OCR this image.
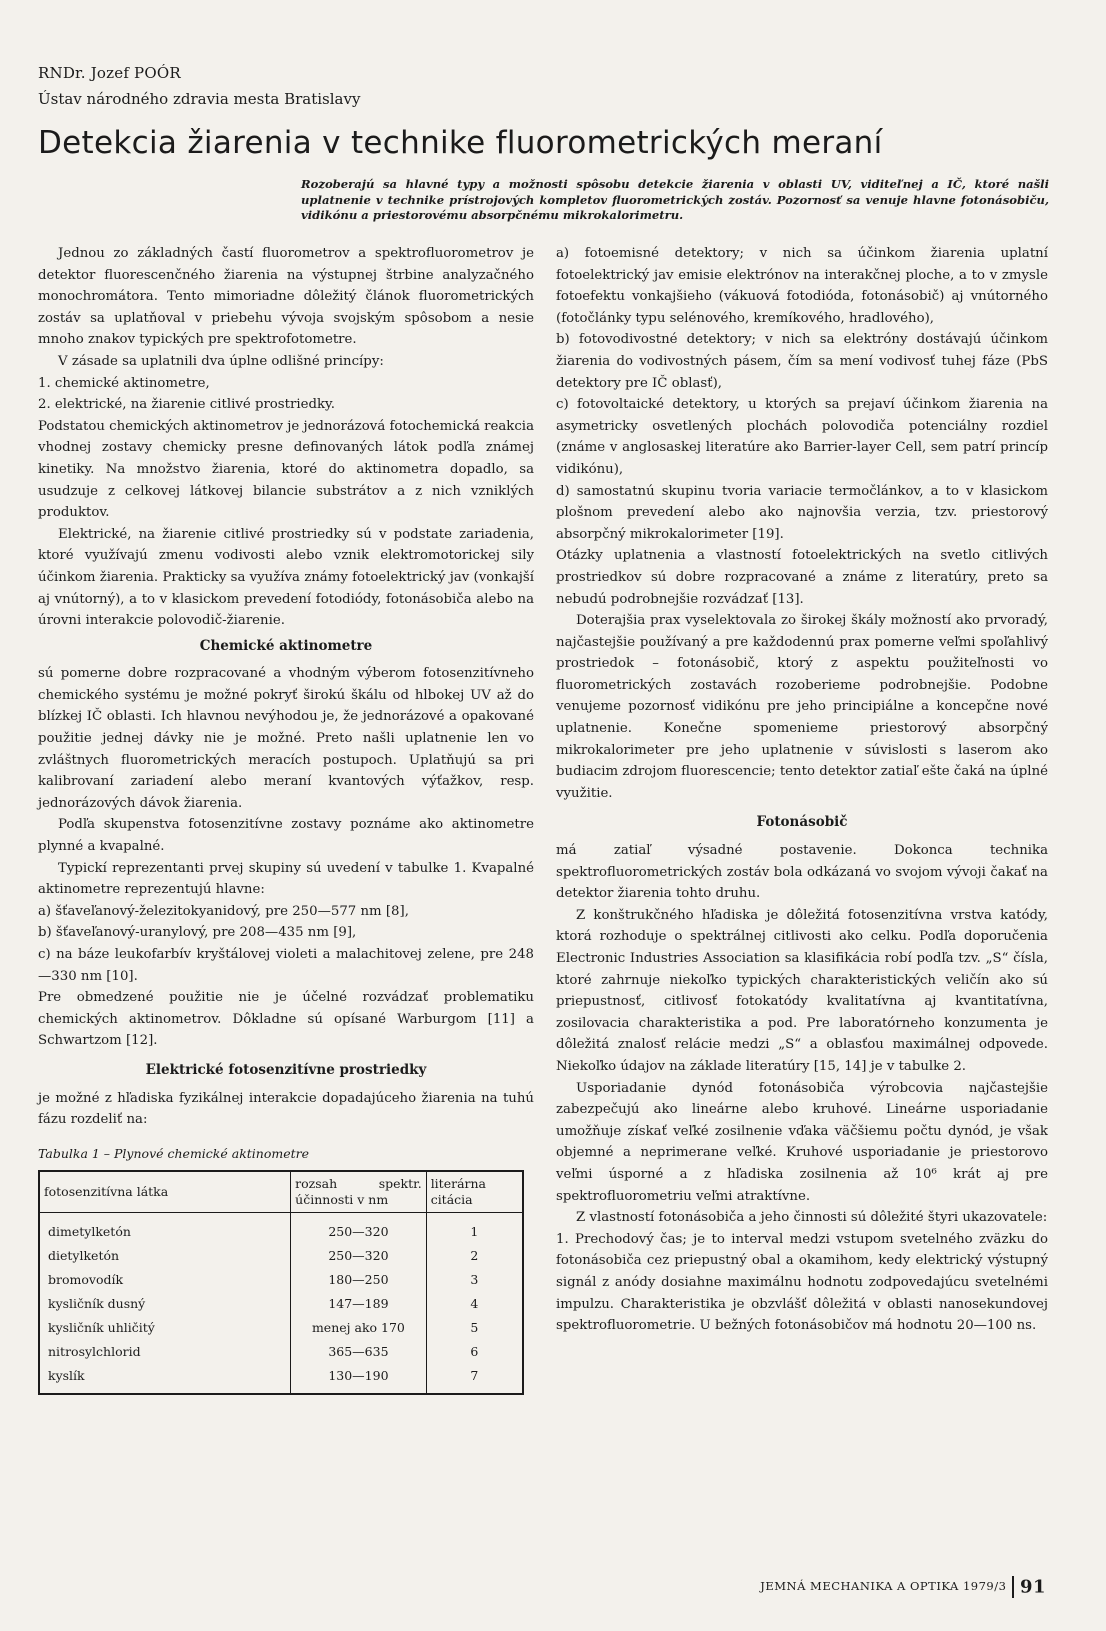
RNDr. Jozef POÓR
Ústav národného zdravia mesta Bratislavy
Detekcia žiarenia v technike fluorometrických meraní
Rozoberajú sa hlavné typy a možnosti spôsobu detekcie žiarenia v oblasti UV, viditeľnej a IČ, ktoré našli uplatnenie v technike prístrojových kompletov fluorometrických zostáv. Pozornosť sa venuje hlavne fotonásobiču, vidikónu a priestorovému absorpčnému mikrokalorimetru.

Jednou zo základných častí fluorometrov a spektrofluorometrov je detektor fluorescenčného žiarenia na výstupnej štrbine analyzačného monochromátora. Tento mimoriadne dôležitý článok fluorometrických zostáv sa uplatňoval v priebehu vývoja svojským spôsobom a nesie mnoho znakov typických pre spektrofotometre.

V zásade sa uplatnili dva úplne odlišné princípy:

1. chemické aktinometre,

2. elektrické, na žiarenie citlivé prostriedky.

Podstatou chemických aktinometrov je jednorázová fotochemická reakcia vhodnej zostavy chemicky presne definovaných látok podľa známej kinetiky. Na množstvo žiarenia, ktoré do aktinometra dopadlo, sa usudzuje z celkovej látkovej bilancie substrátov a z nich vzniklých produktov.

Elektrické, na žiarenie citlivé prostriedky sú v podstate zariadenia, ktoré využívajú zmenu vodivosti alebo vznik elektromotorickej sily účinkom žiarenia. Prakticky sa využíva známy fotoelektrický jav (vonkajší aj vnútorný), a to v klasickom prevedení fotodiódy, fotonásobiča alebo na úrovni interakcie polovodič-žiarenie.

Chemické aktinometre

sú pomerne dobre rozpracované a vhodným výberom fotosenzitívneho chemického systému je možné pokryť širokú škálu od hlbokej UV až do blízkej IČ oblasti. Ich hlavnou nevýhodou je, že jednorázové a opakované použitie jednej dávky nie je možné. Preto našli uplatnenie len vo zvláštnych fluorometrických meracích postupoch. Uplatňujú sa pri kalibrovaní zariadení alebo meraní kvantových výťažkov, resp. jednorázových dávok žiarenia.

Podľa skupenstva fotosenzitívne zostavy poznáme ako aktinometre plynné a kvapalné.

Typickí reprezentanti prvej skupiny sú uvedení v tabulke 1. Kvapalné aktinometre reprezentujú hlavne:

a) šťaveľanový-železitokyanidový, pre 250—577 nm [8],

b) šťaveľanový-uranylový, pre 208—435 nm [9],

c) na báze leukofarbív kryštálovej violeti a malachitovej zelene, pre 248—330 nm [10].

Pre obmedzené použitie nie je účelné rozvádzať problematiku chemických aktinometrov. Dôkladne sú opísané Warburgom [11] a Schwartzom [12].

Elektrické fotosenzitívne prostriedky

je možné z hľadiska fyzikálnej interakcie dopadajúceho žiarenia na tuhú fázu rozdeliť na:

Tabulka 1 – Plynové chemické aktinometre
fotosenzitívna látka	rozsah spektr. účinnosti v nm	literárna citácia
dimetylketón	250—320	1
dietylketón	250—320	2
bromovodík	180—250	3
kysličník dusný	147—189	4
kysličník uhličitý	menej ako 170	5
nitrosylchlorid	365—635	6
kyslík	130—190	7

a) fotoemisné detektory; v nich sa účinkom žiarenia uplatní fotoelektrický jav emisie elektrónov na interakčnej ploche, a to v zmysle fotoefektu vonkajšieho (vákuová fotodióda, fotonásobič) aj vnútorného (fotočlánky typu selénového, kremíkového, hradlového),

b) fotovodivostné detektory; v nich sa elektróny dostávajú účinkom žiarenia do vodivostných pásem, čím sa mení vodivosť tuhej fáze (PbS detektory pre IČ oblasť),

c) fotovoltaické detektory, u ktorých sa prejaví účinkom žiarenia na asymetricky osvetlených plochách polovodiča potenciálny rozdiel (známe v anglosaskej literatúre ako Barrier-layer Cell, sem patrí princíp vidikónu),

d) samostatnú skupinu tvoria variacie termočlánkov, a to v klasickom plošnom prevedení alebo ako najnovšia verzia, tzv. priestorový absorpčný mikrokalorimeter [19].

Otázky uplatnenia a vlastností fotoelektrických na svetlo citlivých prostriedkov sú dobre rozpracované a známe z literatúry, preto sa nebudú podrobnejšie rozvádzať [13].

Doterajšia prax vyselektovala zo širokej škály možností ako prvoradý, najčastejšie používaný a pre každodennú prax pomerne veľmi spoľahlivý prostriedok – fotonásobič, ktorý z aspektu použiteľnosti vo fluorometrických zostavách rozoberieme podrobnejšie. Podobne venujeme pozornosť vidikónu pre jeho principiálne a koncepčne nové uplatnenie. Konečne spomenieme priestorový absorpčný mikrokalorimeter pre jeho uplatnenie v súvislosti s laserom ako budiacim zdrojom fluorescencie; tento detektor zatiaľ ešte čaká na úplné využitie.

Fotonásobič

má zatiaľ výsadné postavenie. Dokonca technika spektrofluorometrických zostáv bola odkázaná vo svojom vývoji čakať na detektor žiarenia tohto druhu.

Z konštrukčného hľadiska je dôležitá fotosenzitívna vrstva katódy, ktorá rozhoduje o spektrálnej citlivosti ako celku. Podľa doporučenia Electronic Industries Association sa klasifikácia robí podľa tzv. „S“ čísla, ktoré zahrnuje niekoľko typických charakteristických veličín ako sú priepustnosť, citlivosť fotokatódy kvalitatívna aj kvantitatívna, zosilovacia charakteristika a pod. Pre laboratórneho konzumenta je dôležitá znalosť relácie medzi „S“ a oblasťou maximálnej odpovede. Niekoľko údajov na základe literatúry [15, 14] je v tabulke 2.

Usporiadanie dynód fotonásobiča výrobcovia najčastejšie zabezpečujú ako lineárne alebo kruhové. Lineárne usporiadanie umožňuje získať veľké zosilnenie vďaka väčšiemu počtu dynód, je však objemné a neprimerane veľké. Kruhové usporiadanie je priestorovo veľmi úsporné a z hľadiska zosilnenia až 10⁶ krát aj pre spektrofluorometriu veľmi atraktívne.

Z vlastností fotonásobiča a jeho činnosti sú dôležité štyri ukazovatele:

1. Prechodový čas; je to interval medzi vstupom svetelného zväzku do fotonásobiča cez priepustný obal a okamihom, kedy elektrický výstupný signál z anódy dosiahne maximálnu hodnotu zodpovedajúcu svetelnémi impulzu. Charakteristika je obzvlášť dôležitá v oblasti nanosekundovej spektrofluorometrie. U bežných fotonásobičov má hodnotu 20—100 ns.

JEMNÁ MECHANIKA A OPTIKA 1979/3 91
